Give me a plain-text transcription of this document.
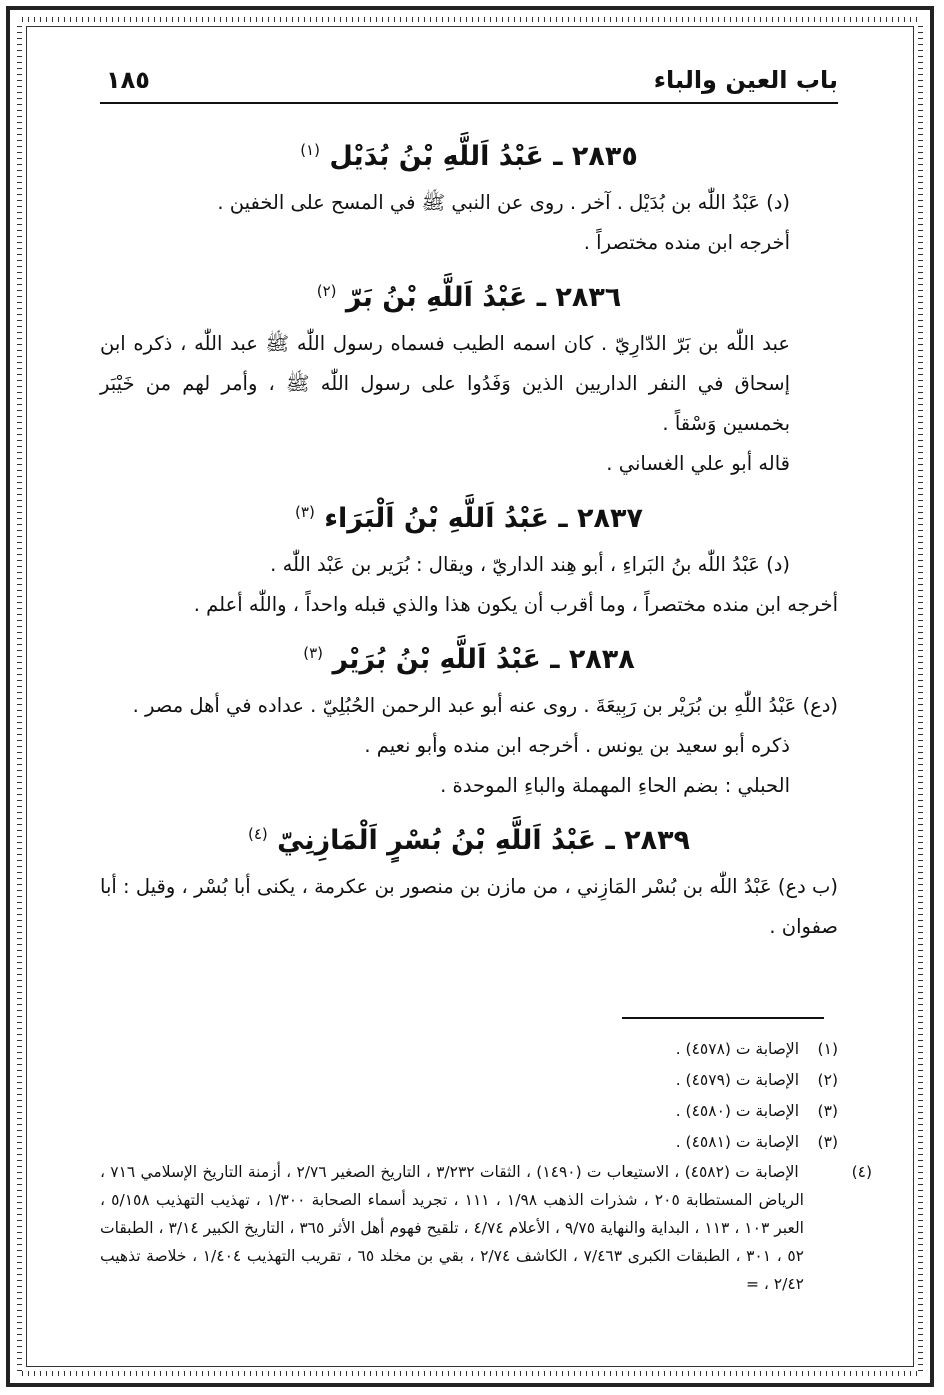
باب العين والباء
١٨٥
٢٨٣٥ ـ عَبْدُ اَللَّهِ بْنُ بُدَيْل $^{(١)}$

(د) عَبْدُ اللّٰه بن بُدَيْل . آخر . روى عن النبي ﷺ في المسح على الخفين .

أخرجه ابن منده مختصراً .

٢٨٣٦ ـ عَبْدُ اَللَّهِ بْنُ بَرّ $^{(٢)}$

عبد اللّٰه بن بَرّ الدّارِيّ . كان اسمه الطيب فسماه رسول اللّٰه ﷺ عبد اللّٰه ، ذكره ابن إسحاق في النفر الداريين الذين وَفَدُوا على رسول اللّٰه ﷺ ، وأمر لهم من خَيْبَر بخمسين وَسْقاً .

قاله أبو علي الغساني .

٢٨٣٧ ـ عَبْدُ اَللَّهِ بْنُ اَلْبَرَاء $^{(٣)}$

(د) عَبْدُ اللّٰه بنُ البَراءِ ، أبو هِند الداريّ ، ويقال : بُرَير بن عَبْد اللّٰه .

أخرجه ابن منده مختصراً ، وما أقرب أن يكون هذا والذي قبله واحداً ، واللّٰه أعلم .

٢٨٣٨ ـ عَبْدُ اَللَّهِ بْنُ بُرَيْر $^{(٣)}$

(دع) عَبْدُ اللّٰهِ بن بُرَيْر بن رَبِيعَةَ . روى عنه أبو عبد الرحمن الحُبُلِيّ . عداده في أهل مصر .

ذكره أبو سعيد بن يونس . أخرجه ابن منده وأبو نعيم .

الحبلي : بضم الحاءِ المهملة والباءِ الموحدة .

٢٨٣٩ ـ عَبْدُ اَللَّهِ بْنُ بُسْرٍ اَلْمَازِنِيّ $^{(٤)}$

(ب دع) عَبْدُ اللّٰه بن بُسْر المَازِني ، من مازن بن منصور بن عكرمة ، يكنى أبا بُسْر ، وقيل : أبا صفوان .

(١) الإصابة ت (٤٥٧٨) .

(٢) الإصابة ت (٤٥٧٩) .

(٣) الإصابة ت (٤٥٨٠) .

(٣) الإصابة ت (٤٥٨١) .

(٤) الإصابة ت (٤٥٨٢) ، الاستيعاب ت (١٤٩٠) ، الثقات ٣/٢٣٢ ، التاريخ الصغير ٢/٧٦ ، أزمنة التاريخ الإسلامي ٧١٦ ، الرياض المستطابة ٢٠٥ ، شذرات الذهب ١/٩٨ ، ١١١ ، تجريد أسماء الصحابة ١/٣٠٠ ، تهذيب التهذيب ٥/١٥٨ ، العبر ١٠٣ ، ١١٣ ، البداية والنهاية ٩/٧٥ ، الأعلام ٤/٧٤ ، تلقيح فهوم أهل الأثر ٣٦٥ ، التاريخ الكبير ٣/١٤ ، الطبقات ٥٢ ، ٣٠١ ، الطبقات الكبرى ٧/٤٦٣ ، الكاشف ٢/٧٤ ، بقي بن مخلد ٦٥ ، تقريب التهذيب ١/٤٠٤ ، خلاصة تذهيب ٢/٤٢ ، =
